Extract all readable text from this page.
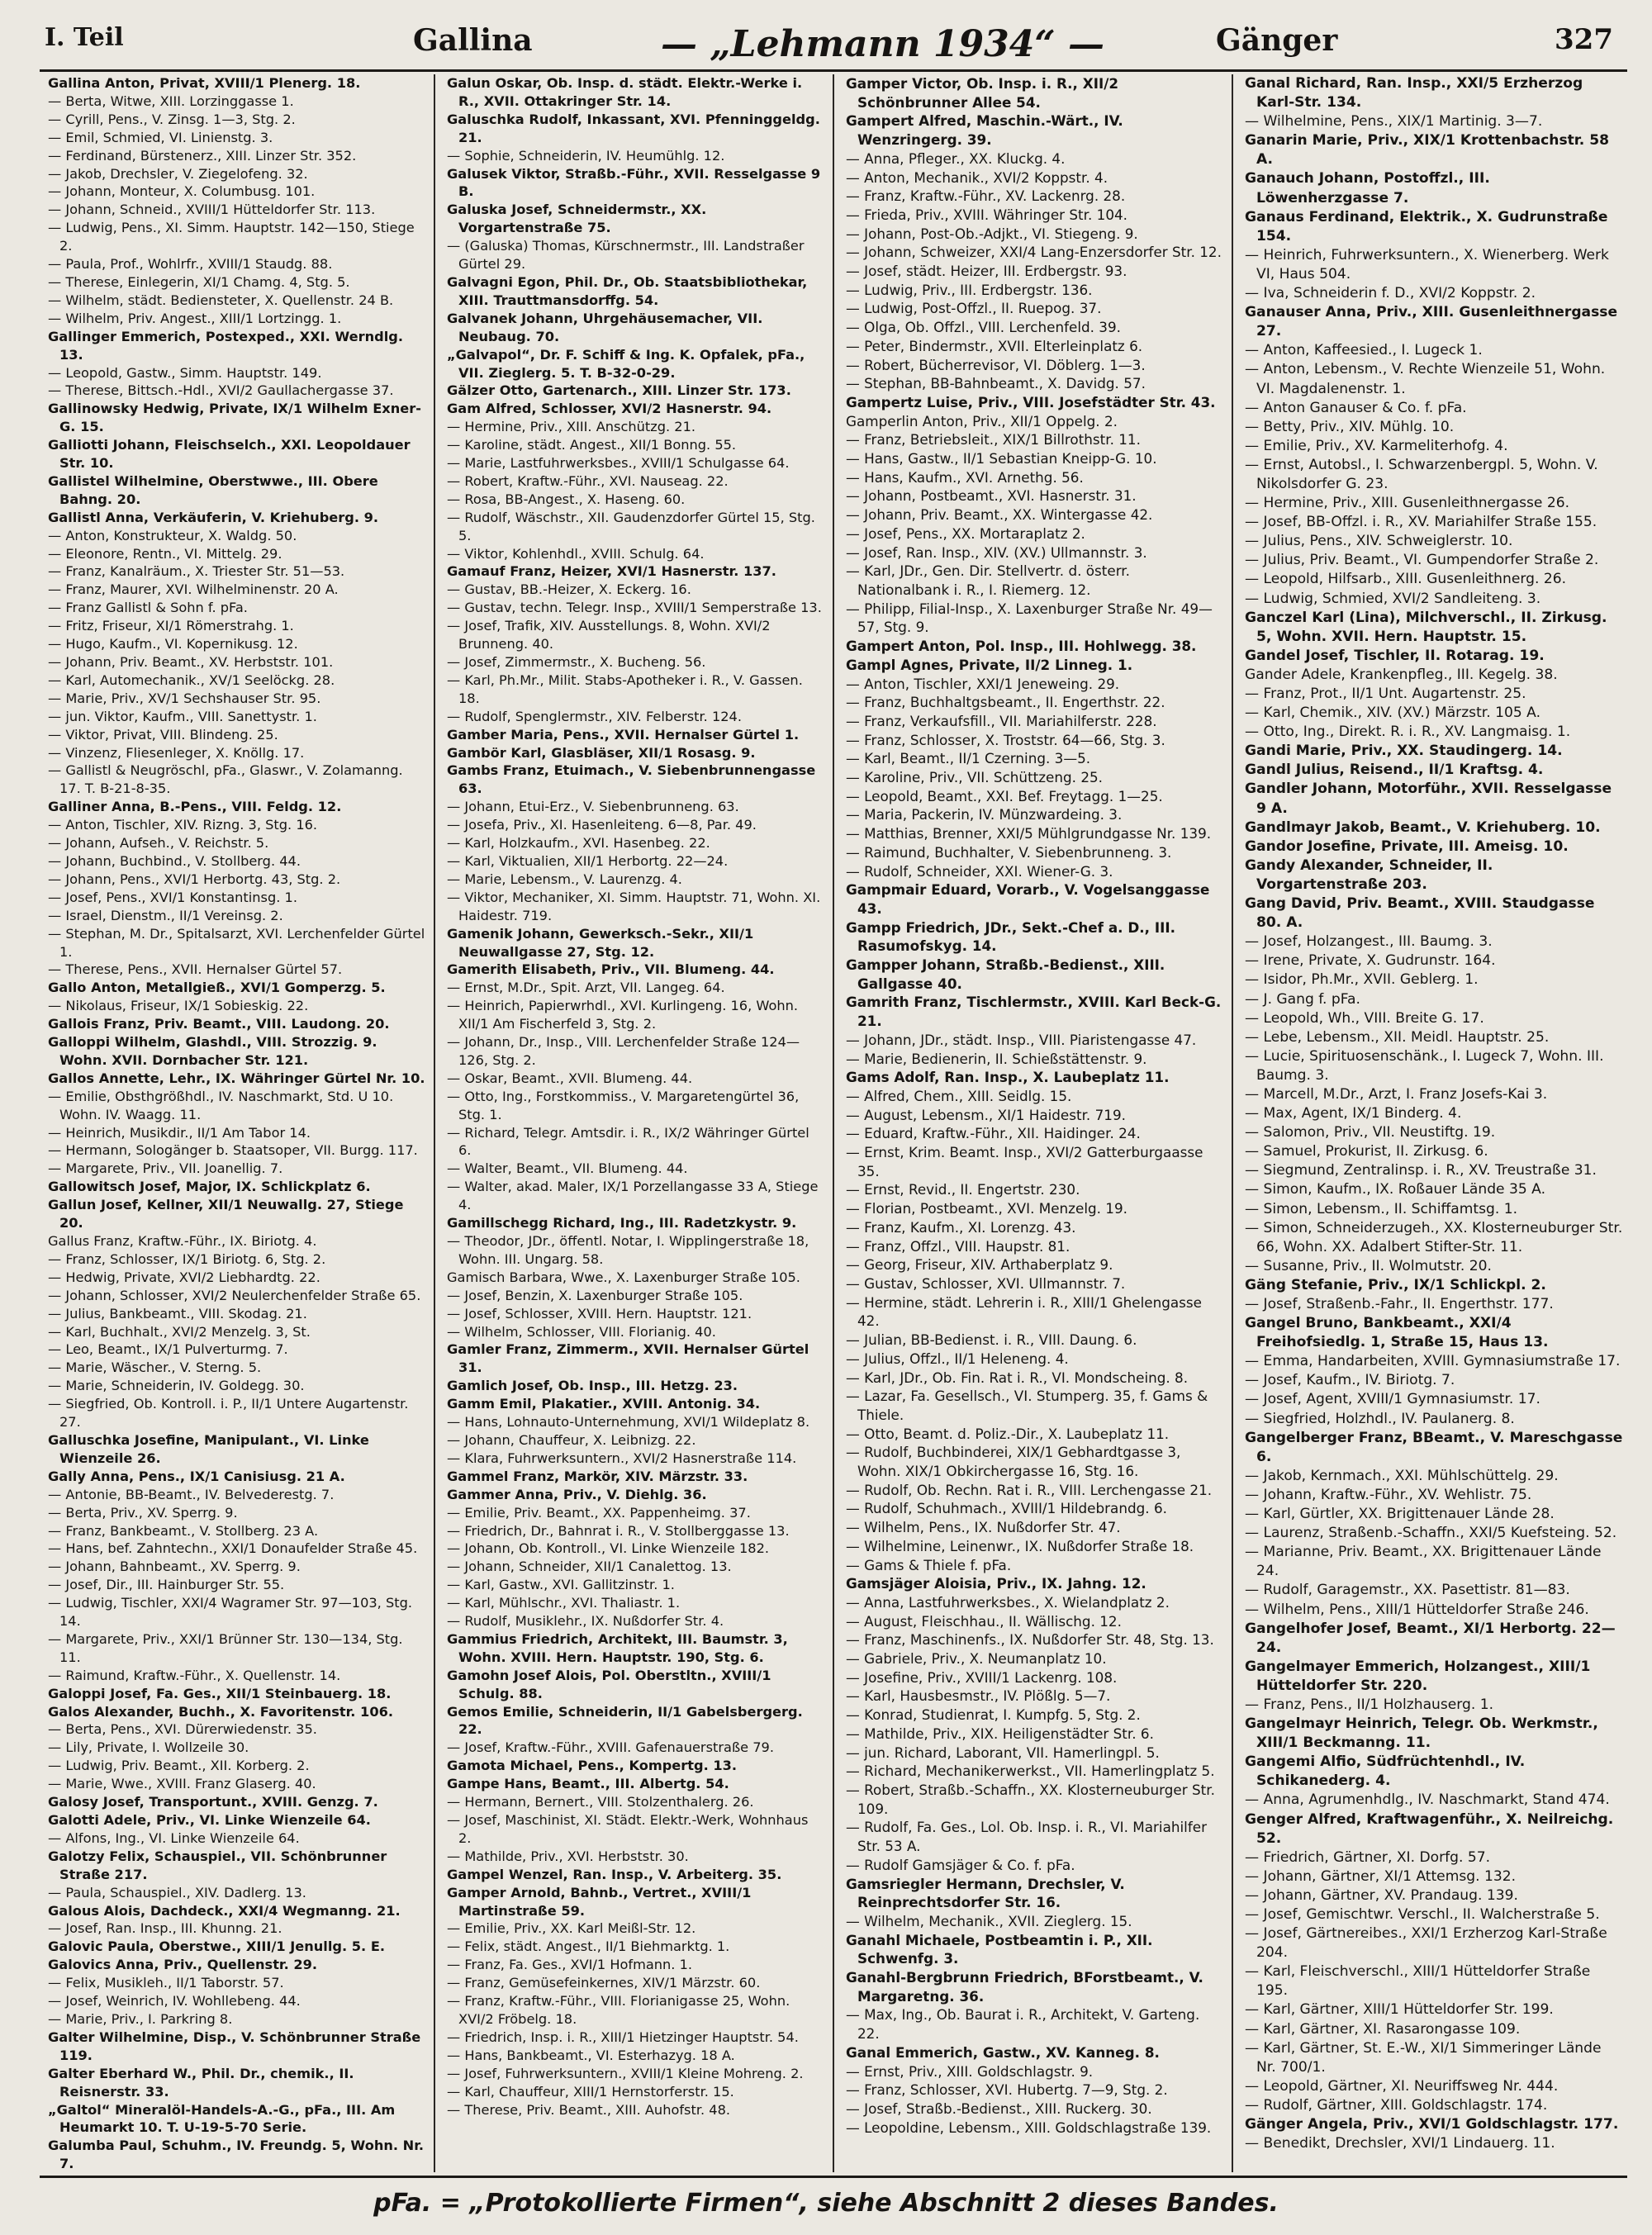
I. Teil	Gallina	— „Lehmann 1934“ —	Gänger	327

Gallina Anton, Privat, XVIII/1 Plenerg. 18.

— Berta, Witwe, XIII. Lorzinggasse 1.

— Cyrill, Pens., V. Zinsg. 1—3, Stg. 2.

— Emil, Schmied, VI. Linienstg. 3.

— Ferdinand, Bürstenerz., XIII. Linzer Str. 352.

— Jakob, Drechsler, V. Ziegelofeng. 32.

— Johann, Monteur, X. Columbusg. 101.

— Johann, Schneid., XVIII/1 Hütteldorfer Str. 113.

— Ludwig, Pens., XI. Simm. Hauptstr. 142—150, Stiege 2.

— Paula, Prof., Wohlrfr., XVIII/1 Staudg. 88.

— Therese, Einlegerin, XI/1 Chamg. 4, Stg. 5.

— Wilhelm, städt. Bediensteter, X. Quellenstr. 24 B.

— Wilhelm, Priv. Angest., XIII/1 Lortzingg. 1.

Gallinger Emmerich, Postexped., XXI. Werndlg. 13.

— Leopold, Gastw., Simm. Hauptstr. 149.

— Therese, Bittsch.-Hdl., XVI/2 Gaullachergasse 37.

Gallinowsky Hedwig, Private, IX/1 Wilhelm Exner-G. 15.

Galliotti Johann, Fleischselch., XXI. Leopoldauer Str. 10.

Gallistel Wilhelmine, Oberstwwe., III. Obere Bahng. 20.

Gallistl Anna, Verkäuferin, V. Kriehuberg. 9.

— Anton, Konstrukteur, X. Waldg. 50.

— Eleonore, Rentn., VI. Mittelg. 29.

— Franz, Kanalräum., X. Triester Str. 51—53.

— Franz, Maurer, XVI. Wilhelminenstr. 20 A.

— Franz Gallistl & Sohn f. pFa.

— Fritz, Friseur, XI/1 Römerstrahg. 1.

— Hugo, Kaufm., VI. Kopernikusg. 12.

— Johann, Priv. Beamt., XV. Herbststr. 101.

— Karl, Automechanik., XV/1 Seelöckg. 28.

— Marie, Priv., XV/1 Sechshauser Str. 95.

— jun. Viktor, Kaufm., VIII. Sanettystr. 1.

— Viktor, Privat, VIII. Blindeng. 25.

— Vinzenz, Fliesenleger, X. Knöllg. 17.

— Gallistl & Neugröschl, pFa., Glaswr., V. Zolamanng. 17. T. B-21-8-35.

Galliner Anna, B.-Pens., VIII. Feldg. 12.

— Anton, Tischler, XIV. Rizng. 3, Stg. 16.

— Johann, Aufseh., V. Reichstr. 5.

— Johann, Buchbind., V. Stollberg. 44.

— Johann, Pens., XVI/1 Herbortg. 43, Stg. 2.

— Josef, Pens., XVI/1 Konstantinsg. 1.

— Israel, Dienstm., II/1 Vereinsg. 2.

— Stephan, M. Dr., Spitalsarzt, XVI. Lerchenfelder Gürtel 1.

— Therese, Pens., XVII. Hernalser Gürtel 57.

Gallo Anton, Metallgieß., XVI/1 Gomperzg. 5.

— Nikolaus, Friseur, IX/1 Sobieskig. 22.

Gallois Franz, Priv. Beamt., VIII. Laudong. 20.

Galloppi Wilhelm, Glashdl., VIII. Strozzig. 9. Wohn. XVII. Dornbacher Str. 121.

Gallos Annette, Lehr., IX. Währinger Gürtel Nr. 10.

— Emilie, Obsthgrößhdl., IV. Naschmarkt, Std. U 10. Wohn. IV. Waagg. 11.

— Heinrich, Musikdir., II/1 Am Tabor 14.

— Hermann, Sologänger b. Staatsoper, VII. Burgg. 117.

— Margarete, Priv., VII. Joanellig. 7.

Gallowitsch Josef, Major, IX. Schlickplatz 6.

Gallun Josef, Kellner, XII/1 Neuwallg. 27, Stiege 20.

Gallus Franz, Kraftw.-Führ., IX. Biriotg. 4.

— Franz, Schlosser, IX/1 Biriotg. 6, Stg. 2.

— Hedwig, Private, XVI/2 Liebhardtg. 22.

— Johann, Schlosser, XVI/2 Neulerchenfelder Straße 65.

— Julius, Bankbeamt., VIII. Skodag. 21.

— Karl, Buchhalt., XVI/2 Menzelg. 3, St.

— Leo, Beamt., IX/1 Pulverturmg. 7.

— Marie, Wäscher., V. Sterng. 5.

— Marie, Schneiderin, IV. Goldegg. 30.

— Siegfried, Ob. Kontroll. i. P., II/1 Untere Augartenstr. 27.

Galluschka Josefine, Manipulant., VI. Linke Wienzeile 26.

Gally Anna, Pens., IX/1 Canisiusg. 21 A.

— Antonie, BB-Beamt., IV. Belvederestg. 7.

— Berta, Priv., XV. Sperrg. 9.

— Franz, Bankbeamt., V. Stollberg. 23 A.

— Hans, bef. Zahntechn., XXI/1 Donaufelder Straße 45.

— Johann, Bahnbeamt., XV. Sperrg. 9.

— Josef, Dir., III. Hainburger Str. 55.

— Ludwig, Tischler, XXI/4 Wagramer Str. 97—103, Stg. 14.

— Margarete, Priv., XXI/1 Brünner Str. 130—134, Stg. 11.

— Raimund, Kraftw.-Führ., X. Quellenstr. 14.

Galoppi Josef, Fa. Ges., XII/1 Steinbauerg. 18.

Galos Alexander, Buchh., X. Favoritenstr. 106.

— Berta, Pens., XVI. Dürerwiedenstr. 35.

— Lily, Private, I. Wollzeile 30.

— Ludwig, Priv. Beamt., XII. Korberg. 2.

— Marie, Wwe., XVIII. Franz Glaserg. 40.

Galosy Josef, Transportunt., XVIII. Genzg. 7.

Galotti Adele, Priv., VI. Linke Wienzeile 64.

— Alfons, Ing., VI. Linke Wienzeile 64.

Galotzy Felix, Schauspiel., VII. Schönbrunner Straße 217.

— Paula, Schauspiel., XIV. Dadlerg. 13.

Galous Alois, Dachdeck., XXI/4 Wegmanng. 21.

— Josef, Ran. Insp., III. Khunng. 21.

Galovic Paula, Oberstwe., XIII/1 Jenullg. 5. E.

Galovics Anna, Priv., Quellenstr. 29.

— Felix, Musikleh., II/1 Taborstr. 57.

— Josef, Weinrich, IV. Wohllebeng. 44.

— Marie, Priv., I. Parkring 8.

Galter Wilhelmine, Disp., V. Schönbrunner Straße 119.

Galter Eberhard W., Phil. Dr., chemik., II. Reisnerstr. 33.

„Galtol“ Mineralöl-Handels-A.-G., pFa., III. Am Heumarkt 10. T. U-19-5-70 Serie.

Galumba Paul, Schuhm., IV. Freundg. 5, Wohn. Nr. 7.

Galun Oskar, Ob. Insp. d. städt. Elektr.-Werke i. R., XVII. Ottakringer Str. 14.

Galuschka Rudolf, Inkassant, XVI. Pfenninggeldg. 21.

— Sophie, Schneiderin, IV. Heumühlg. 12.

Galusek Viktor, Straßb.-Führ., XVII. Resselgasse 9 B.

Galuska Josef, Schneidermstr., XX. Vorgartenstraße 75.

— (Galuska) Thomas, Kürschnermstr., III. Landstraßer Gürtel 29.

Galvagni Egon, Phil. Dr., Ob. Staatsbibliothekar, XIII. Trauttmansdorffg. 54.

Galvanek Johann, Uhrgehäusemacher, VII. Neubaug. 70.

„Galvapol“, Dr. F. Schiff & Ing. K. Opfalek, pFa., VII. Zieglerg. 5. T. B-32-0-29.

Gälzer Otto, Gartenarch., XIII. Linzer Str. 173.

Gam Alfred, Schlosser, XVI/2 Hasnerstr. 94.

— Hermine, Priv., XIII. Anschützg. 21.

— Karoline, städt. Angest., XII/1 Bonng. 55.

— Marie, Lastfuhrwerksbes., XVIII/1 Schulgasse 64.

— Robert, Kraftw.-Führ., XVI. Nauseag. 22.

— Rosa, BB-Angest., X. Haseng. 60.

— Rudolf, Wäschstr., XII. Gaudenzdorfer Gürtel 15, Stg. 5.

— Viktor, Kohlenhdl., XVIII. Schulg. 64.

Gamauf Franz, Heizer, XVI/1 Hasnerstr. 137.

— Gustav, BB.-Heizer, X. Eckerg. 16.

— Gustav, techn. Telegr. Insp., XVIII/1 Semperstraße 13.

— Josef, Trafik, XIV. Ausstellungs. 8, Wohn. XVI/2 Brunneng. 40.

— Josef, Zimmermstr., X. Bucheng. 56.

— Karl, Ph.Mr., Milit. Stabs-Apotheker i. R., V. Gassen. 18.

— Rudolf, Spenglermstr., XIV. Felberstr. 124.

Gamber Maria, Pens., XVII. Hernalser Gürtel 1.

Gambör Karl, Glasbläser, XII/1 Rosasg. 9.

Gambs Franz, Etuimach., V. Siebenbrunnengasse 63.

— Johann, Etui-Erz., V. Siebenbrunneng. 63.

— Josefa, Priv., XI. Hasenleiteng. 6—8, Par. 49.

— Karl, Holzkaufm., XVI. Hasenbeg. 22.

— Karl, Viktualien, XII/1 Herbortg. 22—24.

— Marie, Lebensm., V. Laurenzg. 4.

— Viktor, Mechaniker, XI. Simm. Hauptstr. 71, Wohn. XI. Haidestr. 719.

Gamenik Johann, Gewerksch.-Sekr., XII/1 Neuwallgasse 27, Stg. 12.

Gamerith Elisabeth, Priv., VII. Blumeng. 44.

— Ernst, M.Dr., Spit. Arzt, VII. Langeg. 64.

— Heinrich, Papierwrhdl., XVI. Kurlingeng. 16, Wohn. XII/1 Am Fischerfeld 3, Stg. 2.

— Johann, Dr., Insp., VIII. Lerchenfelder Straße 124—126, Stg. 2.

— Oskar, Beamt., XVII. Blumeng. 44.

— Otto, Ing., Forstkommiss., V. Margaretengürtel 36, Stg. 1.

— Richard, Telegr. Amtsdir. i. R., IX/2 Währinger Gürtel 6.

— Walter, Beamt., VII. Blumeng. 44.

— Walter, akad. Maler, IX/1 Porzellangasse 33 A, Stiege 4.

Gamillschegg Richard, Ing., III. Radetzkystr. 9.

— Theodor, JDr., öffentl. Notar, I. Wipplingerstraße 18, Wohn. III. Ungarg. 58.

Gamisch Barbara, Wwe., X. Laxenburger Straße 105.

— Josef, Benzin, X. Laxenburger Straße 105.

— Josef, Schlosser, XVIII. Hern. Hauptstr. 121.

— Wilhelm, Schlosser, VIII. Florianig. 40.

Gamler Franz, Zimmerm., XVII. Hernalser Gürtel 31.

Gamlich Josef, Ob. Insp., III. Hetzg. 23.

Gamm Emil, Plakatier., XVIII. Antonig. 34.

— Hans, Lohnauto-Unternehmung, XVI/1 Wildeplatz 8.

— Johann, Chauffeur, X. Leibnizg. 22.

— Klara, Fuhrwerksuntern., XVI/2 Hasnerstraße 114.

Gammel Franz, Markör, XIV. Märzstr. 33.

Gammer Anna, Priv., V. Diehlg. 36.

— Emilie, Priv. Beamt., XX. Pappenheimg. 37.

— Friedrich, Dr., Bahnrat i. R., V. Stollberggasse 13.

— Johann, Ob. Kontroll., VI. Linke Wienzeile 182.

— Johann, Schneider, XII/1 Canalettog. 13.

— Karl, Gastw., XVI. Gallitzinstr. 1.

— Karl, Mühlschr., XVI. Thaliastr. 1.

— Rudolf, Musiklehr., IX. Nußdorfer Str. 4.

Gammius Friedrich, Architekt, III. Baumstr. 3, Wohn. XVIII. Hern. Hauptstr. 190, Stg. 6.

Gamohn Josef Alois, Pol. Oberstltn., XVIII/1 Schulg. 88.

Gemos Emilie, Schneiderin, II/1 Gabelsbergerg. 22.

— Josef, Kraftw.-Führ., XVIII. Gafenauerstraße 79.

Gamota Michael, Pens., Kompertg. 13.

Gampe Hans, Beamt., III. Albertg. 54.

— Hermann, Bernert., VIII. Stolzenthalerg. 26.

— Josef, Maschinist, XI. Städt. Elektr.-Werk, Wohnhaus 2.

— Mathilde, Priv., XVI. Herbststr. 30.

Gampel Wenzel, Ran. Insp., V. Arbeiterg. 35.

Gamper Arnold, Bahnb., Vertret., XVIII/1 Martinstraße 59.

— Emilie, Priv., XX. Karl Meißl-Str. 12.

— Felix, städt. Angest., II/1 Biehmarktg. 1.

— Franz, Fa. Ges., XVI/1 Hofmann. 1.

— Franz, Gemüsefeinkernes, XIV/1 Märzstr. 60.

— Franz, Kraftw.-Führ., VIII. Florianigasse 25, Wohn. XVI/2 Fröbelg. 18.

— Friedrich, Insp. i. R., XIII/1 Hietzinger Hauptstr. 54.

— Hans, Bankbeamt., VI. Esterhazyg. 18 A.

— Josef, Fuhrwerksuntern., XVIII/1 Kleine Mohreng. 2.

— Karl, Chauffeur, XIII/1 Hernstorferstr. 15.

— Therese, Priv. Beamt., XIII. Auhofstr. 48.

Gamper Victor, Ob. Insp. i. R., XII/2 Schönbrunner Allee 54.

Gampert Alfred, Maschin.-Wärt., IV. Wenzringerg. 39.

— Anna, Pfleger., XX. Kluckg. 4.

— Anton, Mechanik., XVI/2 Koppstr. 4.

— Franz, Kraftw.-Führ., XV. Lackenrg. 28.

— Frieda, Priv., XVIII. Währinger Str. 104.

— Johann, Post-Ob.-Adjkt., VI. Stiegeng. 9.

— Johann, Schweizer, XXI/4 Lang-Enzersdorfer Str. 12.

— Josef, städt. Heizer, III. Erdbergstr. 93.

— Ludwig, Priv., III. Erdbergstr. 136.

— Ludwig, Post-Offzl., II. Ruepog. 37.

— Olga, Ob. Offzl., VIII. Lerchenfeld. 39.

— Peter, Bindermstr., XVII. Elterleinplatz 6.

— Robert, Bücherrevisor, VI. Döblerg. 1—3.

— Stephan, BB-Bahnbeamt., X. Davidg. 57.

Gampertz Luise, Priv., VIII. Josefstädter Str. 43.

Gamperlin Anton, Priv., XII/1 Oppelg. 2.

— Franz, Betriebsleit., XIX/1 Billrothstr. 11.

— Hans, Gastw., II/1 Sebastian Kneipp-G. 10.

— Hans, Kaufm., XVI. Arnethg. 56.

— Johann, Postbeamt., XVI. Hasnerstr. 31.

— Johann, Priv. Beamt., XX. Wintergasse 42.

— Josef, Pens., XX. Mortaraplatz 2.

— Josef, Ran. Insp., XIV. (XV.) Ullmannstr. 3.

— Karl, JDr., Gen. Dir. Stellvertr. d. österr. Nationalbank i. R., I. Riemerg. 12.

— Philipp, Filial-Insp., X. Laxenburger Straße Nr. 49—57, Stg. 9.

Gampert Anton, Pol. Insp., III. Hohlwegg. 38.

Gampl Agnes, Private, II/2 Linneg. 1.

— Anton, Tischler, XXI/1 Jeneweing. 29.

— Franz, Buchhaltgsbeamt., II. Engerthstr. 22.

— Franz, Verkaufsfill., VII. Mariahilferstr. 228.

— Franz, Schlosser, X. Troststr. 64—66, Stg. 3.

— Karl, Beamt., II/1 Czerning. 3—5.

— Karoline, Priv., VII. Schüttzeng. 25.

— Leopold, Beamt., XXI. Bef. Freytagg. 1—25.

— Maria, Packerin, IV. Münzwardeing. 3.

— Matthias, Brenner, XXI/5 Mühlgrundgasse Nr. 139.

— Raimund, Buchhalter, V. Siebenbrunneng. 3.

— Rudolf, Schneider, XXI. Wiener-G. 3.

Gampmair Eduard, Vorarb., V. Vogelsanggasse 43.

Gampp Friedrich, JDr., Sekt.-Chef a. D., III. Rasumofskyg. 14.

Gampper Johann, Straßb.-Bedienst., XIII. Gallgasse 40.

Gamrith Franz, Tischlermstr., XVIII. Karl Beck-G. 21.

— Johann, JDr., städt. Insp., VIII. Piaristengasse 47.

— Marie, Bedienerin, II. Schießstättenstr. 9.

Gams Adolf, Ran. Insp., X. Laubeplatz 11.

— Alfred, Chem., XIII. Seidlg. 15.

— August, Lebensm., XI/1 Haidestr. 719.

— Eduard, Kraftw.-Führ., XII. Haidinger. 24.

— Ernst, Krim. Beamt. Insp., XVI/2 Gatterburgaasse 35.

— Ernst, Revid., II. Engertstr. 230.

— Florian, Postbeamt., XVI. Menzelg. 19.

— Franz, Kaufm., XI. Lorenzg. 43.

— Franz, Offzl., VIII. Haupstr. 81.

— Georg, Friseur, XIV. Arthaberplatz 9.

— Gustav, Schlosser, XVI. Ullmannstr. 7.

— Hermine, städt. Lehrerin i. R., XIII/1 Ghelengasse 42.

— Julian, BB-Bedienst. i. R., VIII. Daung. 6.

— Julius, Offzl., II/1 Heleneng. 4.

— Karl, JDr., Ob. Fin. Rat i. R., VI. Mondscheing. 8.

— Lazar, Fa. Gesellsch., VI. Stumperg. 35, f. Gams & Thiele.

— Otto, Beamt. d. Poliz.-Dir., X. Laubeplatz 11.

— Rudolf, Buchbinderei, XIX/1 Gebhardtgasse 3, Wohn. XIX/1 Obkirchergasse 16, Stg. 16.

— Rudolf, Ob. Rechn. Rat i. R., VIII. Lerchengasse 21.

— Rudolf, Schuhmach., XVIII/1 Hildebrandg. 6.

— Wilhelm, Pens., IX. Nußdorfer Str. 47.

— Wilhelmine, Leinenwr., IX. Nußdorfer Straße 18.

— Gams & Thiele f. pFa.

Gamsjäger Aloisia, Priv., IX. Jahng. 12.

— Anna, Lastfuhrwerksbes., X. Wielandplatz 2.

— August, Fleischhau., II. Wällischg. 12.

— Franz, Maschinenfs., IX. Nußdorfer Str. 48, Stg. 13.

— Gabriele, Priv., X. Neumanplatz 10.

— Josefine, Priv., XVIII/1 Lackenrg. 108.

— Karl, Hausbesmstr., IV. Plößlg. 5—7.

— Konrad, Studienrat, I. Kumpfg. 5, Stg. 2.

— Mathilde, Priv., XIX. Heiligenstädter Str. 6.

— jun. Richard, Laborant, VII. Hamerlingpl. 5.

— Richard, Mechanikerwerkst., VII. Hamerlingplatz 5.

— Robert, Straßb.-Schaffn., XX. Klosterneuburger Str. 109.

— Rudolf, Fa. Ges., Lol. Ob. Insp. i. R., VI. Mariahilfer Str. 53 A.

— Rudolf Gamsjäger & Co. f. pFa.

Gamsriegler Hermann, Drechsler, V. Reinprechtsdorfer Str. 16.

— Wilhelm, Mechanik., XVII. Zieglerg. 15.

Ganahl Michaele, Postbeamtin i. P., XII. Schwenfg. 3.

Ganahl-Bergbrunn Friedrich, BForstbeamt., V. Margaretng. 36.

— Max, Ing., Ob. Baurat i. R., Architekt, V. Garteng. 22.

Ganal Emmerich, Gastw., XV. Kanneg. 8.

— Ernst, Priv., XIII. Goldschlagstr. 9.

— Franz, Schlosser, XVI. Hubertg. 7—9, Stg. 2.

— Josef, Straßb.-Bedienst., XIII. Ruckerg. 30.

— Leopoldine, Lebensm., XIII. Goldschlagstraße 139.

Ganal Richard, Ran. Insp., XXI/5 Erzherzog Karl-Str. 134.

— Wilhelmine, Pens., XIX/1 Martinig. 3—7.

Ganarin Marie, Priv., XIX/1 Krottenbachstr. 58 A.

Ganauch Johann, Postoffzl., III. Löwenherzgasse 7.

Ganaus Ferdinand, Elektrik., X. Gudrunstraße 154.

— Heinrich, Fuhrwerksuntern., X. Wienerberg. Werk VI, Haus 504.

— Iva, Schneiderin f. D., XVI/2 Koppstr. 2.

Ganauser Anna, Priv., XIII. Gusenleithnergasse 27.

— Anton, Kaffeesied., I. Lugeck 1.

— Anton, Lebensm., V. Rechte Wienzeile 51, Wohn. VI. Magdalenenstr. 1.

— Anton Ganauser & Co. f. pFa.

— Betty, Priv., XIV. Mühlg. 10.

— Emilie, Priv., XV. Karmeliterhofg. 4.

— Ernst, Autobsl., I. Schwarzenbergpl. 5, Wohn. V. Nikolsdorfer G. 23.

— Hermine, Priv., XIII. Gusenleithnergasse 26.

— Josef, BB-Offzl. i. R., XV. Mariahilfer Straße 155.

— Julius, Pens., XIV. Schweiglerstr. 10.

— Julius, Priv. Beamt., VI. Gumpendorfer Straße 2.

— Leopold, Hilfsarb., XIII. Gusenleithnerg. 26.

— Ludwig, Schmied, XVI/2 Sandleiteng. 3.

Ganczel Karl (Lina), Milchverschl., II. Zirkusg. 5, Wohn. XVII. Hern. Hauptstr. 15.

Gandel Josef, Tischler, II. Rotarag. 19.

Gander Adele, Krankenpfleg., III. Kegelg. 38.

— Franz, Prot., II/1 Unt. Augartenstr. 25.

— Karl, Chemik., XIV. (XV.) Märzstr. 105 A.

— Otto, Ing., Direkt. R. i. R., XV. Langmaisg. 1.

Gandi Marie, Priv., XX. Staudingerg. 14.

Gandl Julius, Reisend., II/1 Kraftsg. 4.

Gandler Johann, Motorführ., XVII. Resselgasse 9 A.

Gandlmayr Jakob, Beamt., V. Kriehuberg. 10.

Gandor Josefine, Private, III. Ameisg. 10.

Gandy Alexander, Schneider, II. Vorgartenstraße 203.

Gang David, Priv. Beamt., XVIII. Staudgasse 80. A.

— Josef, Holzangest., III. Baumg. 3.

— Irene, Private, X. Gudrunstr. 164.

— Isidor, Ph.Mr., XVII. Geblerg. 1.

— J. Gang f. pFa.

— Leopold, Wh., VIII. Breite G. 17.

— Lebe, Lebensm., XII. Meidl. Hauptstr. 25.

— Lucie, Spirituosenschänk., I. Lugeck 7, Wohn. III. Baumg. 3.

— Marcell, M.Dr., Arzt, I. Franz Josefs-Kai 3.

— Max, Agent, IX/1 Binderg. 4.

— Salomon, Priv., VII. Neustiftg. 19.

— Samuel, Prokurist, II. Zirkusg. 6.

— Siegmund, Zentralinsp. i. R., XV. Treustraße 31.

— Simon, Kaufm., IX. Roßauer Lände 35 A.

— Simon, Lebensm., II. Schiffamtsg. 1.

— Simon, Schneiderzugeh., XX. Klosterneuburger Str. 66, Wohn. XX. Adalbert Stifter-Str. 11.

— Susanne, Priv., II. Wolmutstr. 20.

Gäng Stefanie, Priv., IX/1 Schlickpl. 2.

— Josef, Straßenb.-Fahr., II. Engerthstr. 177.

Gangel Bruno, Bankbeamt., XXI/4 Freihofsiedlg. 1, Straße 15, Haus 13.

— Emma, Handarbeiten, XVIII. Gymnasiumstraße 17.

— Josef, Kaufm., IV. Biriotg. 7.

— Josef, Agent, XVIII/1 Gymnasiumstr. 17.

— Siegfried, Holzhdl., IV. Paulanerg. 8.

Gangelberger Franz, BBeamt., V. Mareschgasse 6.

— Jakob, Kernmach., XXI. Mühlschüttelg. 29.

— Johann, Kraftw.-Führ., XV. Wehlistr. 75.

— Karl, Gürtler, XX. Brigittenauer Lände 28.

— Laurenz, Straßenb.-Schaffn., XXI/5 Kuefsteing. 52.

— Marianne, Priv. Beamt., XX. Brigittenauer Lände 24.

— Rudolf, Garagemstr., XX. Pasettistr. 81—83.

— Wilhelm, Pens., XIII/1 Hütteldorfer Straße 246.

Gangelhofer Josef, Beamt., XI/1 Herbortg. 22—24.

Gangelmayer Emmerich, Holzangest., XIII/1 Hütteldorfer Str. 220.

— Franz, Pens., II/1 Holzhauserg. 1.

Gangelmayr Heinrich, Telegr. Ob. Werkmstr., XIII/1 Beckmanng. 11.

Gangemi Alfio, Südfrüchtenhdl., IV. Schikanederg. 4.

— Anna, Agrumenhdlg., IV. Naschmarkt, Stand 474.

Genger Alfred, Kraftwagenführ., X. Neilreichg. 52.

— Friedrich, Gärtner, XI. Dorfg. 57.

— Johann, Gärtner, XI/1 Attemsg. 132.

— Johann, Gärtner, XV. Prandaug. 139.

— Josef, Gemischtwr. Verschl., II. Walcherstraße 5.

— Josef, Gärtnereibes., XXI/1 Erzherzog Karl-Straße 204.

— Karl, Fleischverschl., XIII/1 Hütteldorfer Straße 195.

— Karl, Gärtner, XIII/1 Hütteldorfer Str. 199.

— Karl, Gärtner, XI. Rasarongasse 109.

— Karl, Gärtner, St. E.-W., XI/1 Simmeringer Lände Nr. 700/1.

— Leopold, Gärtner, XI. Neuriffsweg Nr. 444.

— Rudolf, Gärtner, XIII. Goldschlagstr. 174.

Gänger Angela, Priv., XVI/1 Goldschlagstr. 177.

— Benedikt, Drechsler, XVI/1 Lindauerg. 11.

pFa. = „Protokollierte Firmen“, siehe Abschnitt 2 dieses Bandes.
